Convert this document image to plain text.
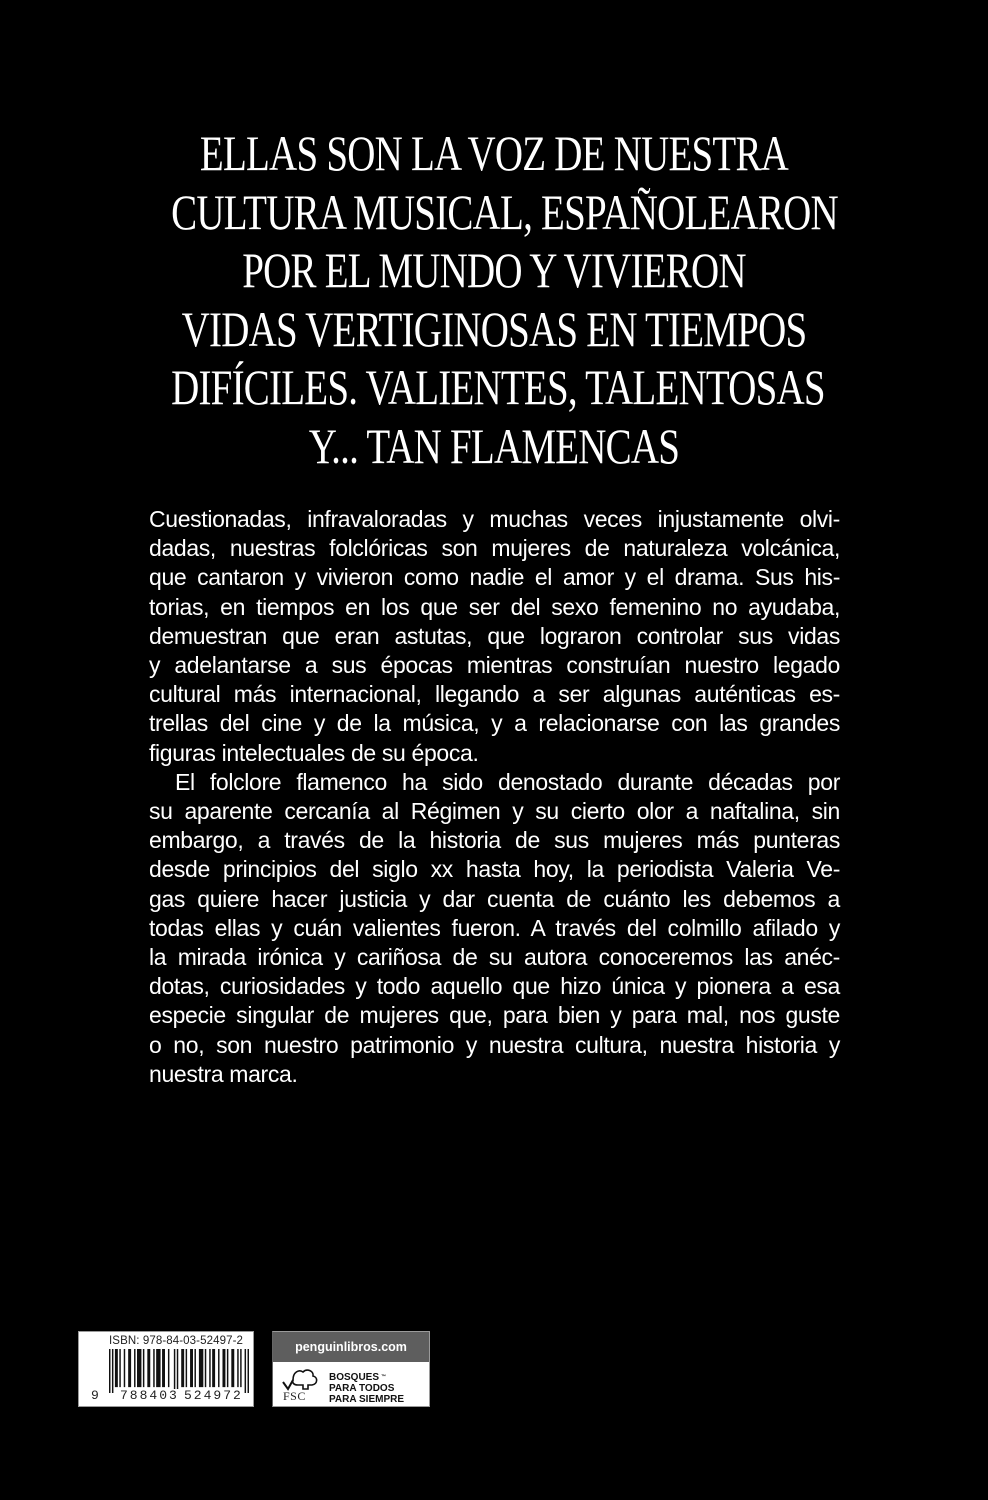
ELLAS SON LA VOZ DE NUESTRA
CULTURA MUSICAL, ESPAÑOLEARON
POR EL MUNDO Y VIVIERON
VIDAS VERTIGINOSAS EN TIEMPOS
DIFÍCILES. VALIENTES, TALENTOSAS
Y... TAN FLAMENCAS
Cuestionadas, infravaloradas y muchas veces injustamente olvi-
dadas, nuestras folclóricas son mujeres de naturaleza volcánica,
que cantaron y vivieron como nadie el amor y el drama. Sus his-
torias, en tiempos en los que ser del sexo femenino no ayudaba,
demuestran que eran astutas, que lograron controlar sus vidas
y adelantarse a sus épocas mientras construían nuestro legado
cultural más internacional, llegando a ser algunas auténticas es-
trellas del cine y de la música, y a relacionarse con las grandes
figuras intelectuales de su época.
El folclore flamenco ha sido denostado durante décadas por
su aparente cercanía al Régimen y su cierto olor a naftalina, sin
embargo, a través de la historia de sus mujeres más punteras
desde principios del siglo xx hasta hoy, la periodista Valeria Ve-
gas quiere hacer justicia y dar cuenta de cuánto les debemos a
todas ellas y cuán valientes fueron. A través del colmillo afilado y
la mirada irónica y cariñosa de su autora conoceremos las anéc-
dotas, curiosidades y todo aquello que hizo única y pionera a esa
especie singular de mujeres que, para bien y para mal, nos guste
o no, son nuestro patrimonio y nuestra cultura, nuestra historia y
nuestra marca.
ISBN: 978-84-03-52497-2
9 788403 524972
penguinlibros.com
FSC
BOSQUES ™
PARA TODOS
PARA SIEMPRE
